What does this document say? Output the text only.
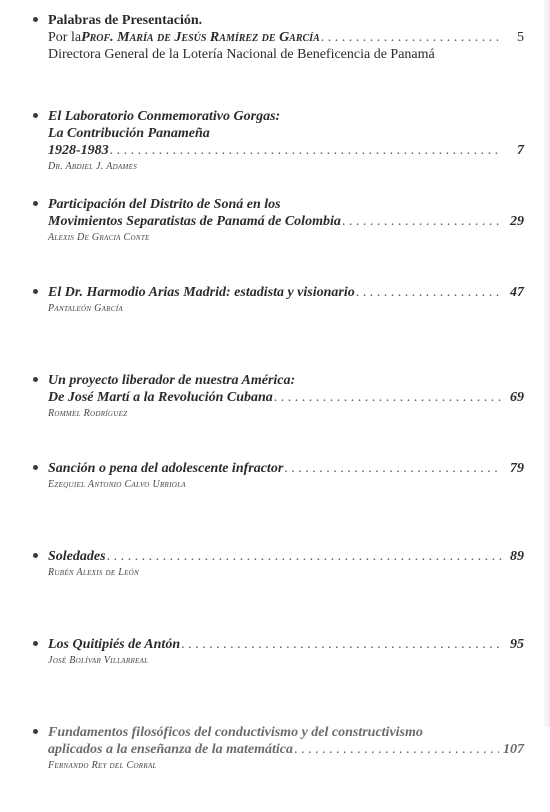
Palabras de Presentación.
Por la Prof. María de Jesús Ramírez de García . . .	5
Directora General de la Lotería Nacional de Beneficencia de Panamá
El Laboratorio Conmemorativo Gorgas:
La Contribución Panameña
1928-1983 . . .	7
Dr. Abdiel J. Adames
Participación del Distrito de Soná en los
Movimientos Separatistas de Panamá de Colombia . . .	29
Alexis De Gracia Conte
El Dr. Harmodio Arias Madrid: estadista y visionario . . .	47
Pantaleón García
Un proyecto liberador de nuestra América:
De José Martí a la Revolución Cubana . . .	69
Rommel Rodríguez
Sanción o pena del adolescente infractor . . .	79
Ezequiel Antonio Calvo Urriola
Soledades . . .	89
Rubén Alexis de León
Los Quitipiés de Antón . . .	95
José Bolívar Villarreal
Fundamentos filosóficos del conductivismo y del constructivismo
aplicados a la enseñanza de la matemática . . .	107
Fernando Rey del Corral
